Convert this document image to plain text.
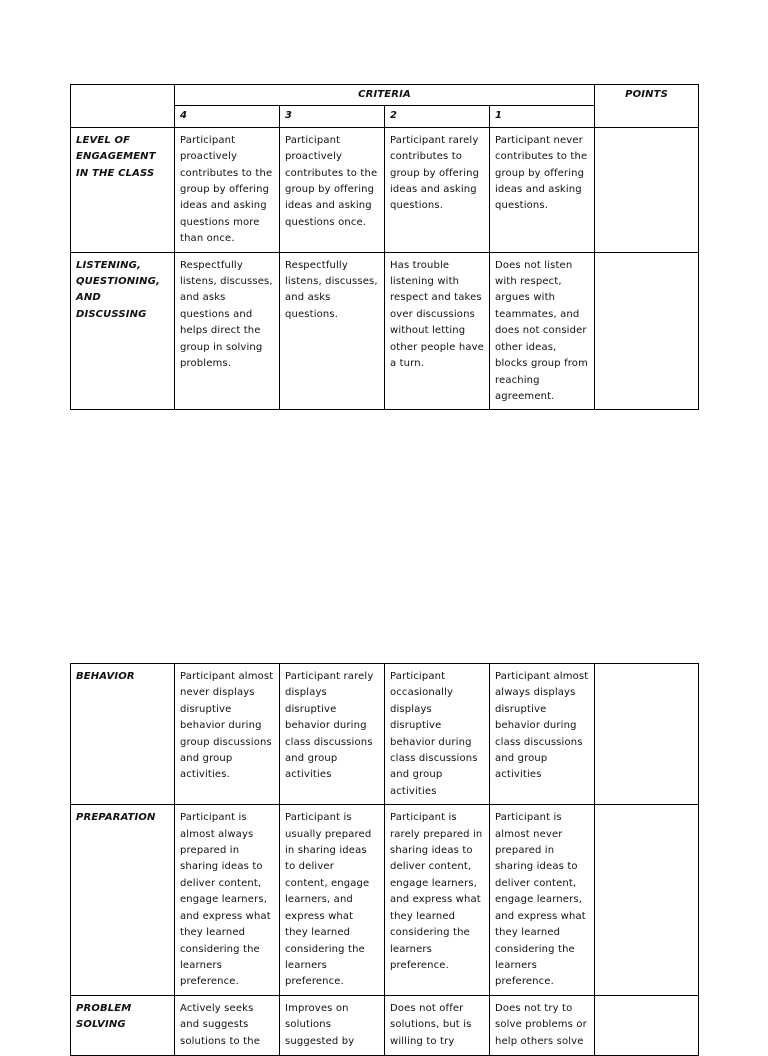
	CRITERIA				POINTS
	4	3	2	1	
LEVEL OF ENGAGEMENT IN THE CLASS	Participant proactively contributes to the group by offering ideas and asking questions more than once.	Participant proactively contributes to the group by offering ideas and asking questions once.	Participant rarely contributes to group by offering ideas and asking questions.	Participant never contributes to the group by offering ideas and asking questions.	
LISTENING, QUESTIONING, AND DISCUSSING	Respectfully listens, discusses, and asks questions and helps direct the group in solving problems.	Respectfully listens, discusses, and asks questions.	Has trouble listening with respect and takes over discussions without letting other people have a turn.	Does not listen with respect, argues with teammates, and does not consider other ideas, blocks group from reaching agreement.	
BEHAVIOR	Participant almost never displays disruptive behavior during group discussions and group activities.	Participant rarely displays disruptive behavior during class discussions and group activities	Participant occasionally displays disruptive behavior during class discussions and group activities	Participant almost always displays disruptive behavior during class discussions and group activities	
PREPARATION	Participant is almost always prepared in sharing ideas to deliver content, engage learners, and express what they learned considering the learners preference.	Participant is usually prepared in sharing ideas to deliver content, engage learners, and express what they learned considering the learners preference.	Participant is rarely prepared in sharing ideas to deliver content, engage learners, and express what they learned considering the learners preference.	Participant is almost never prepared in sharing ideas to deliver content, engage learners, and express what they learned considering the learners preference.	
PROBLEM SOLVING	Actively seeks and suggests solutions to the	Improves on solutions suggested by	Does not offer solutions, but is willing to try	Does not try to solve problems or help others solve	
